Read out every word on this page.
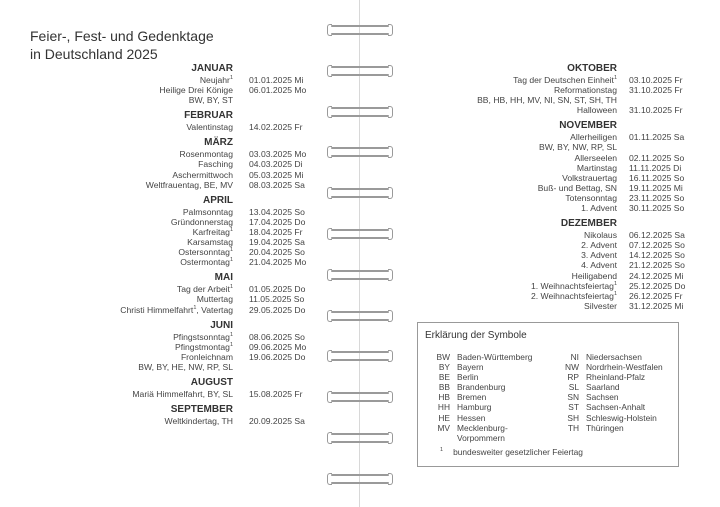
Feier-, Fest- und Gedenktage
in Deutschland 2025
JANUAR
Neujahr$^1$	01.01.2025 Mi
Heilige Drei Könige	06.01.2025 Mo
BW, BY, ST
FEBRUAR
Valentinstag	14.02.2025 Fr
MÄRZ
Rosenmontag	03.03.2025 Mo
Fasching	04.03.2025 Di
Aschermittwoch	05.03.2025 Mi
Weltfrauentag, BE, MV	08.03.2025 Sa
APRIL
Palmsonntag	13.04.2025 So
Gründonnerstag	17.04.2025 Do
Karfreitag$^1$	18.04.2025 Fr
Karsamstag	19.04.2025 Sa
Ostersonntag$^1$	20.04.2025 So
Ostermontag$^1$	21.04.2025 Mo
MAI
Tag der Arbeit$^1$	01.05.2025 Do
Muttertag	11.05.2025 So
Christi Himmelfahrt$^1$, Vatertag	29.05.2025 Do
JUNI
Pfingstsonntag$^1$	08.06.2025 So
Pfingstmontag$^1$	09.06.2025 Mo
Fronleichnam	19.06.2025 Do
BW, BY, HE, NW, RP, SL
AUGUST
Mariä Himmelfahrt, BY, SL	15.08.2025 Fr
SEPTEMBER
Weltkindertag, TH	20.09.2025 Sa
OKTOBER
Tag der Deutschen Einheit$^1$	03.10.2025 Fr
Reformationstag	31.10.2025 Fr
BB, HB, HH, MV, NI, SN, ST, SH, TH
Halloween	31.10.2025 Fr
NOVEMBER
Allerheiligen	01.11.2025 Sa
BW, BY, NW, RP, SL
Allerseelen	02.11.2025 So
Martinstag	11.11.2025 Di
Volkstrauertag	16.11.2025 So
Buß- und Bettag, SN	19.11.2025 Mi
Totensonntag	23.11.2025 So
1. Advent	30.11.2025 So
DEZEMBER
Nikolaus	06.12.2025 Sa
2. Advent	07.12.2025 So
3. Advent	14.12.2025 So
4. Advent	21.12.2025 So
Heiligabend	24.12.2025 Mi
1. Weihnachtsfeiertag$^1$	25.12.2025 Do
2. Weihnachtsfeiertag$^1$	26.12.2025 Fr
Silvester	31.12.2025 Mi
Erklärung der Symbole
BW Baden-Württemberg
BY Bayern
BE Berlin
BB Brandenburg
HB Bremen
HH Hamburg
HE Hessen
MV Mecklenburg-
Vorpommern
NI Niedersachsen
NW Nordrhein-Westfalen
RP Rheinland-Pfalz
SL Saarland
SN Sachsen
ST Sachsen-Anhalt
SH Schleswig-Holstein
TH Thüringen
$^1$ bundesweiter gesetzlicher Feiertag
